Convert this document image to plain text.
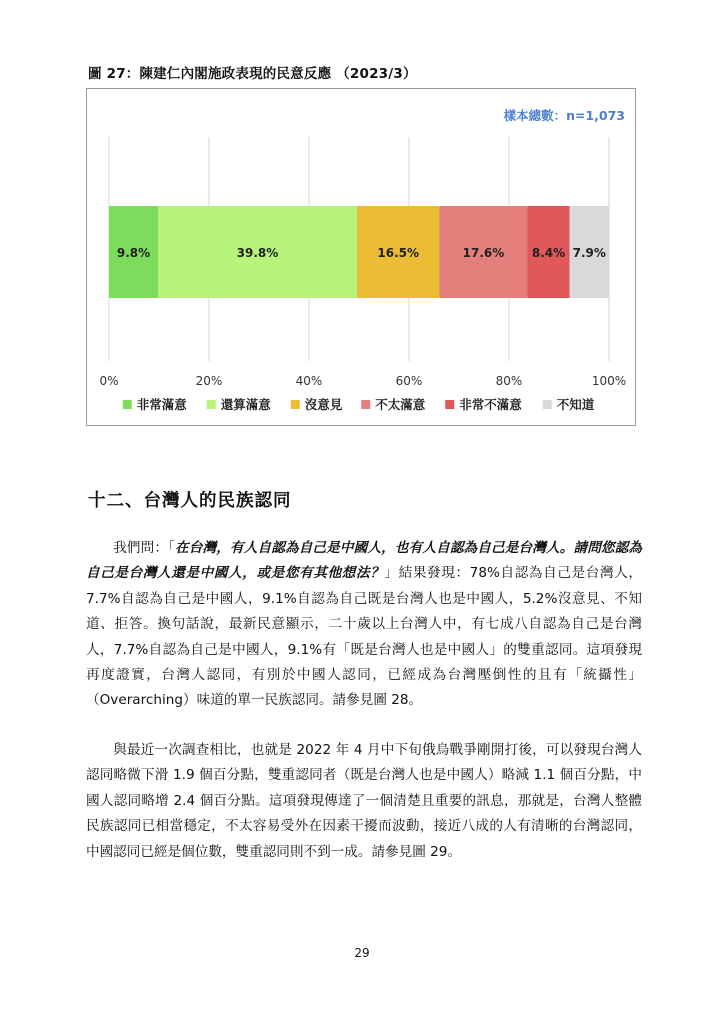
圖 27：陳建仁內閣施政表現的民意反應 （2023/3）
樣本總數：n=1,073
9.8%	39.8%	16.5%	17.6% 8.4% 7.9%
0%	20%	40%	60%	80%	100%
非常滿意	還算滿意	沒意見	不太滿意	非常不滿意	不知道
十二、台灣人的民族認同

我們問：「在台灣，有人自認為自己是中國人，也有人自認為自己是台灣人。請問您認為自己是台灣人還是中國人，或是您有其他想法？」結果發現：78%自認為自己是台灣人，7.7%自認為自己是中國人，9.1%自認為自己既是台灣人也是中國人，5.2%沒意見、不知道、拒答。換句話說，最新民意顯示，二十歲以上台灣人中，有七成八自認為自己是台灣人，7.7%自認為自己是中國人，9.1%有「既是台灣人也是中國人」的雙重認同。這項發現再度證實，台灣人認同，有別於中國人認同，已經成為台灣壓倒性的且有「統攝性」（Overarching）味道的單一民族認同。請參見圖 28。

與最近一次調查相比，也就是 2022 年 4 月中下旬俄烏戰爭剛開打後，可以發現台灣人認同略微下滑 1.9 個百分點，雙重認同者（既是台灣人也是中國人）略減 1.1 個百分點，中國人認同略增 2.4 個百分點。這項發現傳達了一個清楚且重要的訊息，那就是，台灣人整體民族認同已相當穩定，不太容易受外在因素干擾而波動，接近八成的人有清晰的台灣認同，中國認同已經是個位數，雙重認同則不到一成。請參見圖 29。

29
